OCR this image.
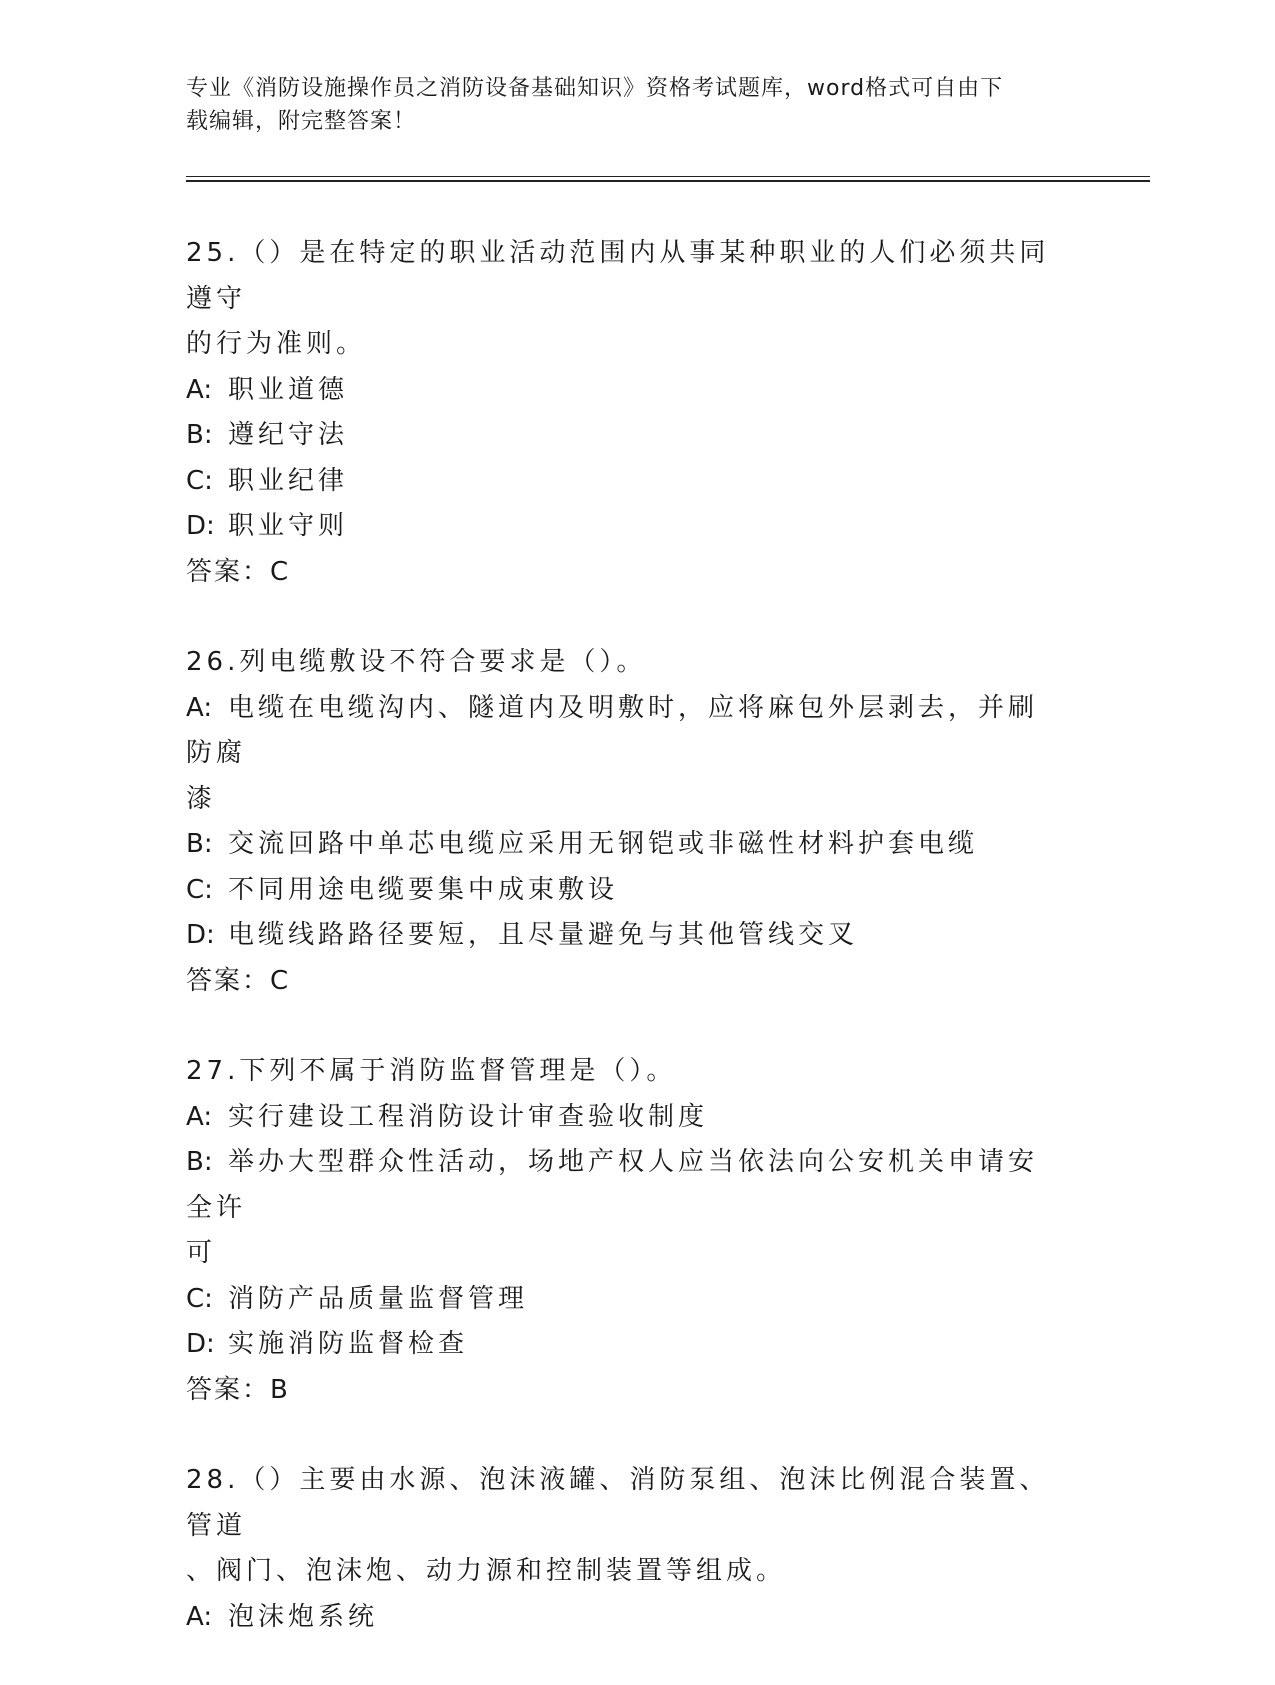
专业《消防设施操作员之消防设备基础知识》资格考试题库，word格式可自由下
载编辑，附完整答案！
25.（）是在特定的职业活动范围内从事某种职业的人们必须共同遵守
的行为准则。
A: 职业道德
B: 遵纪守法
C: 职业纪律
D: 职业守则
答案：C
26.列电缆敷设不符合要求是（）。
A: 电缆在电缆沟内、隧道内及明敷时，应将麻包外层剥去，并刷防腐
漆
B: 交流回路中单芯电缆应采用无钢铠或非磁性材料护套电缆
C: 不同用途电缆要集中成束敷设
D: 电缆线路路径要短，且尽量避免与其他管线交叉
答案：C
27.下列不属于消防监督管理是（）。
A: 实行建设工程消防设计审查验收制度
B: 举办大型群众性活动，场地产权人应当依法向公安机关申请安全许
可
C: 消防产品质量监督管理
D: 实施消防监督检查
答案：B
28.（）主要由水源、泡沫液罐、消防泵组、泡沫比例混合装置、管道
、阀门、泡沫炮、动力源和控制装置等组成。
A: 泡沫炮系统
